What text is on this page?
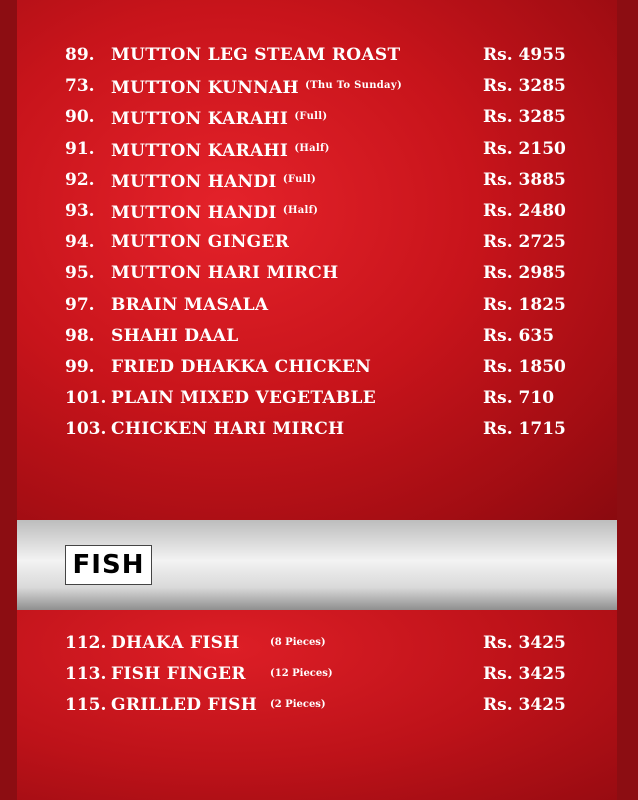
FISH
89. MUTTON LEG STEAM ROAST	Rs. 4955
73. MUTTON KUNNAH $^{(Thu To Sunday)}$	Rs. 3285
90. MUTTON KARAHI $^{(Full)}$	Rs. 3285
91. MUTTON KARAHI $^{(Half)}$	Rs. 2150
92. MUTTON HANDI $^{(Full)}$	Rs. 3885
93. MUTTON HANDI $^{(Half)}$	Rs. 2480
94. MUTTON GINGER	Rs. 2725
95. MUTTON HARI MIRCH	Rs. 2985
97. BRAIN MASALA	Rs. 1825
98. SHAHI DAAL	Rs. 635
99. FRIED DHAKKA CHICKEN	Rs. 1850
101. PLAIN MIXED VEGETABLE	Rs. 710
103. CHICKEN HARI MIRCH	Rs. 1715
112. DHAKA FISH	(8 Pieces)	Rs. 3425
113. FISH FINGER (12 Pieces)	Rs. 3425
115. GRILLED FISH (2 Pieces)	Rs. 3425
